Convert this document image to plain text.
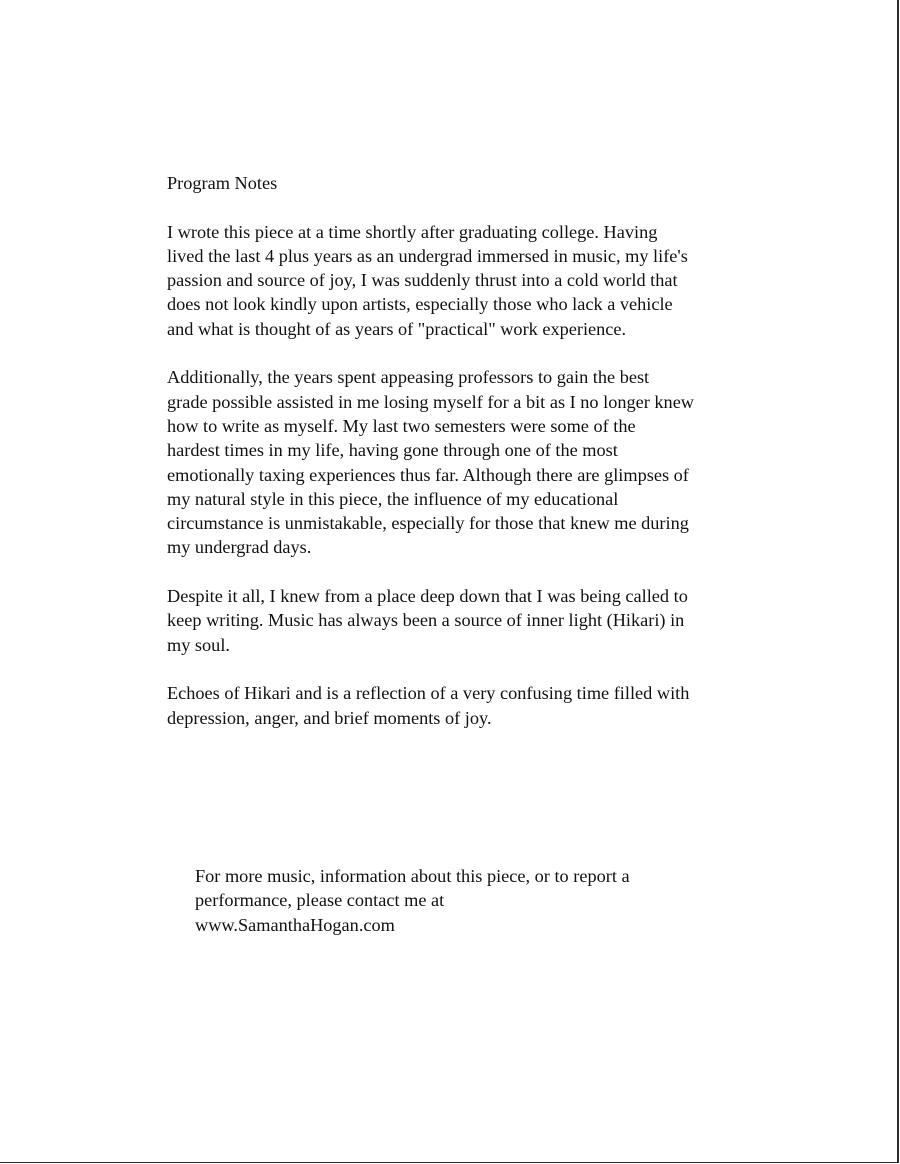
Program Notes

I wrote this piece at a time shortly after graduating college. Having
lived the last 4 plus years as an undergrad immersed in music, my life's
passion and source of joy, I was suddenly thrust into a cold world that
does not look kindly upon artists, especially those who lack a vehicle
and what is thought of as years of "practical" work experience.

Additionally, the years spent appeasing professors to gain the best
grade possible assisted in me losing myself for a bit as I no longer knew
how to write as myself. My last two semesters were some of the
hardest times in my life, having gone through one of the most
emotionally taxing experiences thus far. Although there are glimpses of
my natural style in this piece, the influence of my educational
circumstance is unmistakable, especially for those that knew me during
my undergrad days.

Despite it all, I knew from a place deep down that I was being called to
keep writing. Music has always been a source of inner light (Hikari) in
my soul.

Echoes of Hikari and is a reflection of a very confusing time filled with
depression, anger, and brief moments of joy.

For more music, information about this piece, or to report a
performance, please contact me at
www.SamanthaHogan.com
